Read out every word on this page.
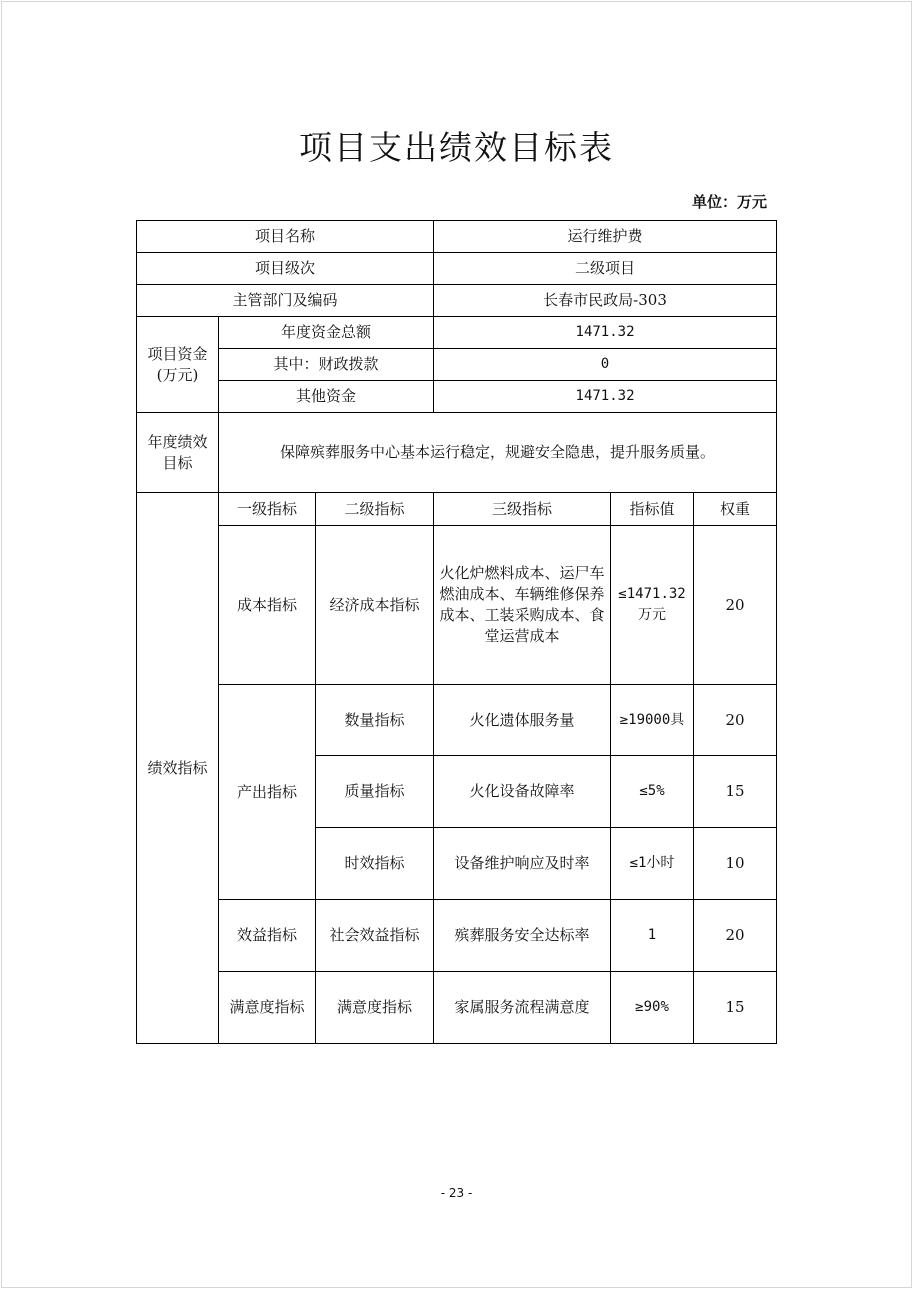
项目支出绩效目标表
单位：万元
项目名称			运行维护费		
项目级次			二级项目		
主管部门及编码			长春市民政局-303		
项目资金(万元)	年度资金总额		1471.32		
	其中：财政拨款		0		
	其他资金		1471.32		
年度绩效目标	保障殡葬服务中心基本运行稳定，规避安全隐患，提升服务质量。				
绩效指标	一级指标	二级指标	三级指标	指标值	权重
	成本指标	经济成本指标	火化炉燃料成本、运尸车燃油成本、车辆维修保养成本、工装采购成本、食堂运营成本	≤1471.32万元	20
	产出指标	数量指标	火化遗体服务量	≥19000具	20
		质量指标	火化设备故障率	≤5%	15
		时效指标	设备维护响应及时率	≤1小时	10
	效益指标	社会效益指标	殡葬服务安全达标率	1	20
	满意度指标	满意度指标	家属服务流程满意度	≥90%	15
- 23 -
